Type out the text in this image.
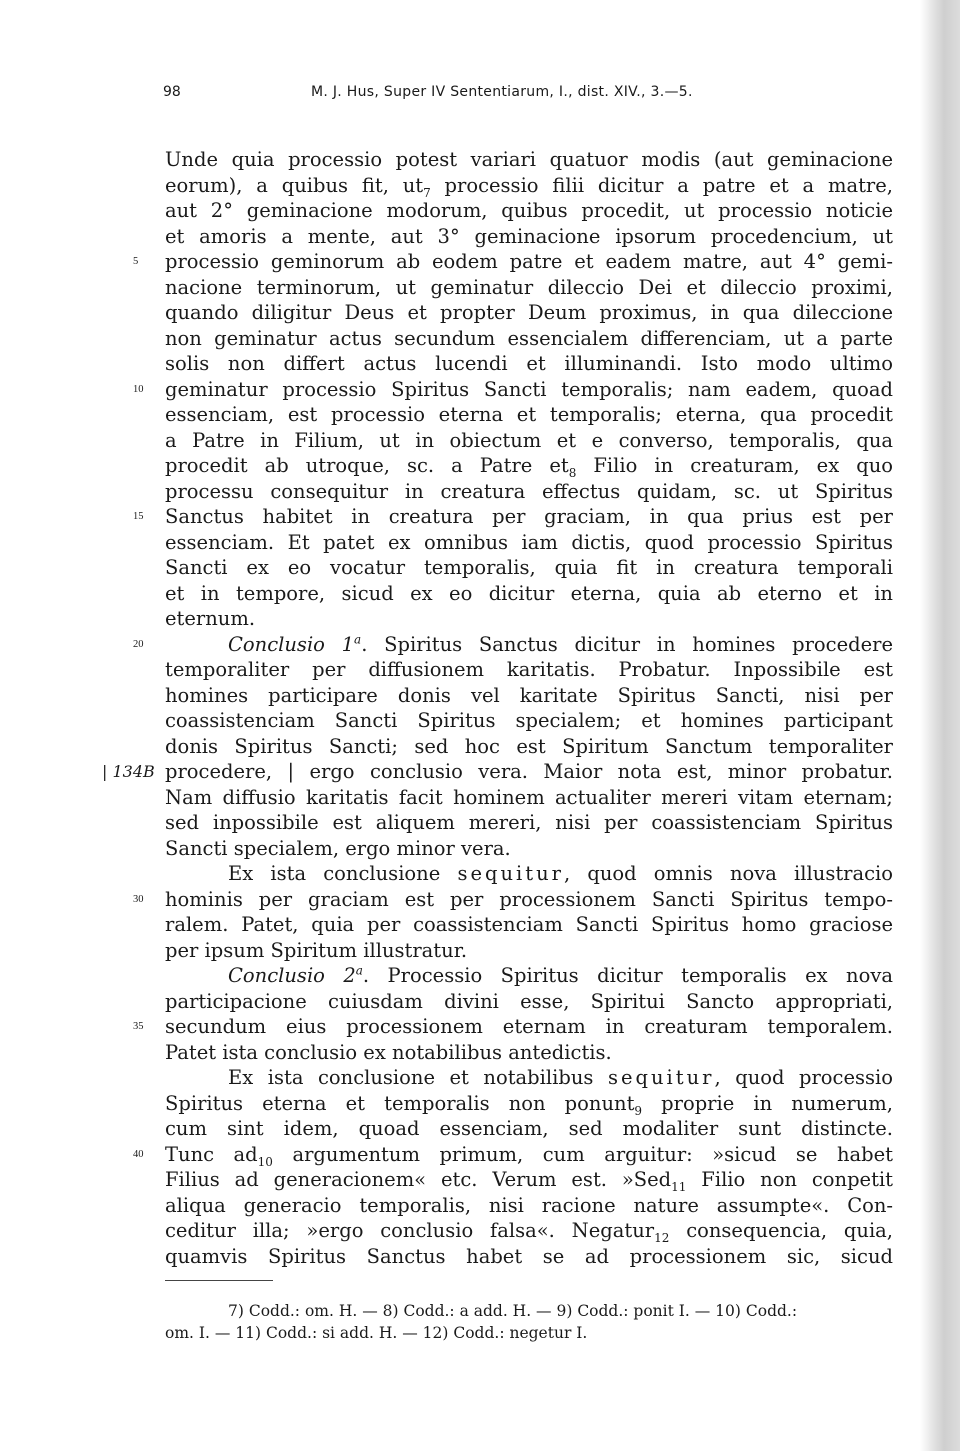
98	M. J. Hus, Super IV Sententiarum, I., dist. XIV., 3.—5.
Unde quia processio potest variari quatuor modis (aut geminacione
eorum), a quibus fit, $ut_7$ processio filii dicitur a patre et a matre,
aut 2° geminacione modorum, quibus procedit, ut processio noticie
et amoris a mente, aut 3° geminacione ipsorum procedencium, ut
5 processio geminorum ab eodem patre et eadem matre, aut 4° gemi-
nacione terminorum, ut geminatur dileccio Dei et dileccio proximi,
quando diligitur Deus et propter Deum proximus, in qua dileccione
non geminatur actus secundum essencialem differenciam, ut a parte
solis non differt actus lucendi et illuminandi. Isto modo ultimo
10 geminatur processio Spiritus Sancti temporalis; nam eadem, quoad
essenciam, est processio eterna et temporalis; eterna, qua procedit
a Patre in Filium, ut in obiectum et e converso, temporalis, qua
procedit ab utroque, sc. a Patre $et_8$ Filio in creaturam, ex quo
processu consequitur in creatura effectus quidam, sc. ut Spiritus
15 Sanctus habitet in creatura per graciam, in qua prius est per
essenciam. Et patet ex omnibus iam dictis, quod processio Spiritus
Sancti ex eo vocatur temporalis, quia fit in creatura temporali
et in tempore, sicud ex eo dicitur eterna, quia ab eterno et in
eternum.
20	Conclusio 1$^a$. Spiritus Sanctus dicitur in homines procedere
temporaliter per diffusionem karitatis. Probatur. Inpossibile est
homines participare donis vel karitate Spiritus Sancti, nisi per
coassistenciam Sancti Spiritus specialem; et homines participant
donis Spiritus Sancti; sed hoc est Spiritum Sanctum temporaliter
| 134B procedere, | ergo conclusio vera. Maior nota est, minor probatur.
Nam diffusio karitatis facit hominem actualiter mereri vitam eternam;
sed inpossibile est aliquem mereri, nisi per coassistenciam Spiritus
Sancti specialem, ergo minor vera.
Ex ista conclusione sequitur, quod omnis nova illustracio
30 hominis per graciam est per processionem Sancti Spiritus tempo-
ralem. Patet, quia per coassistenciam Sancti Spiritus homo graciose
per ipsum Spiritum illustratur.
Conclusio 2$^a$. Processio Spiritus dicitur temporalis ex nova
participacione cuiusdam divini esse, Spiritui Sancto appropriati,
35 secundum eius processionem eternam in creaturam temporalem.
Patet ista conclusio ex notabilibus antedictis.
Ex ista conclusione et notabilibus sequitur, quod processio
Spiritus eterna et temporalis non ponunt$_9$ proprie in numerum,
cum sint idem, quoad essenciam, sed modaliter sunt distincte.
40 Tunc $ad_{10}$ argumentum primum, cum arguitur: »sicud se habet
Filius ad generacionem« etc. Verum est. »Sed$_{11}$ Filio non conpetit
aliqua generacio temporalis, nisi racione nature assumpte«. Con-
ceditur illa; »ergo conclusio falsa«. Negatur$_{12}$ consequencia, quia,
quamvis Spiritus Sanctus habet se ad processionem sic, sicud
7) Codd.: om. H. — 8) Codd.: a add. H. — 9) Codd.: ponit I. — 10) Codd.:
om. I. — 11) Codd.: si add. H. — 12) Codd.: negetur I.
